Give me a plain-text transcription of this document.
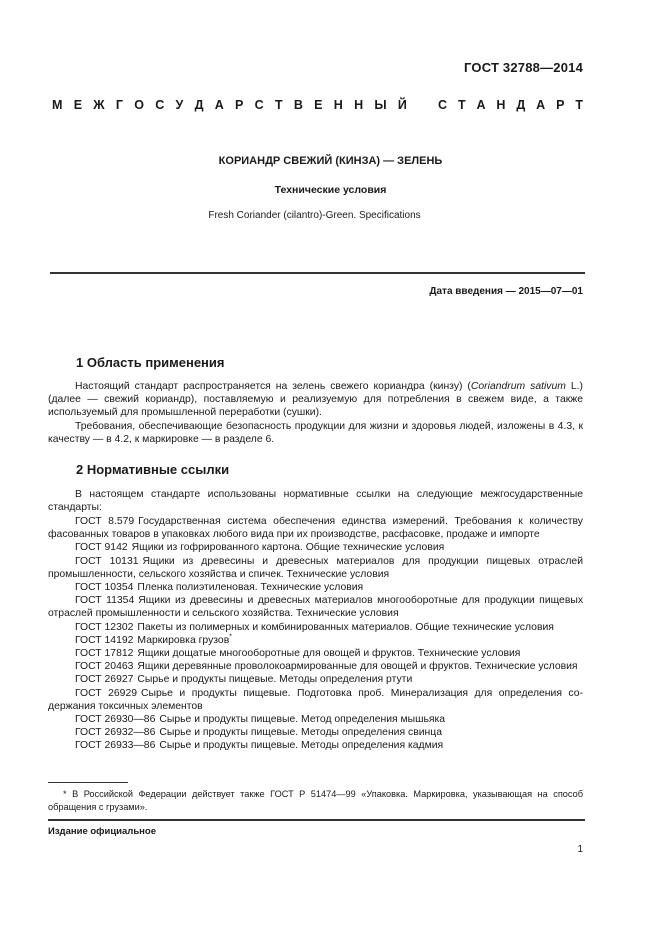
ГОСТ 32788—2014
М Е Ж Г О С У Д А Р С Т В Е Н Н Ы Й С Т А Н Д А Р Т
КОРИАНДР СВЕЖИЙ (КИНЗА) — ЗЕЛЕНЬ
Технические условия
Fresh Coriander (cilantro)-Green. Specifications
Дата введения — 2015—07—01
1 Область применения

Настоящий стандарт распространяется на зелень свежего кориандра (кинзу) (Coriandrum sativum L.) (далее — свежий кориандр), поставляемую и реализуемую для потребления в свежем виде, а также используемый для промышленной переработки (сушки).

Требования, обеспечивающие безопасность продукции для жизни и здоровья людей, изложены в 4.3, к качеству — в 4.2, к маркировке — в разделе 6.

2 Нормативные ссылки

В настоящем стандарте использованы нормативные ссылки на следующие межгосударственные стандарты:

ГОСТ 8.579 Государственная система обеспечения единства измерений. Требования к количеству фасованных товаров в упаковках любого вида при их производстве, расфасовке, продаже и импорте
ГОСТ 9142 Ящики из гофрированного картона. Общие технические условия
ГОСТ 10131 Ящики из древесины и древесных материалов для продукции пищевых отраслей промышленности, сельского хозяйства и спичек. Технические условия
ГОСТ 10354 Пленка полиэтиленовая. Технические условия
ГОСТ 11354 Ящики из древесины и древесных материалов многооборотные для продукции пищевых отраслей промышленности и сельского хозяйства. Технические условия
ГОСТ 12302 Пакеты из полимерных и комбинированных материалов. Общие технические условия
ГОСТ 14192 Маркировка грузов*
ГОСТ 17812 Ящики дощатые многооборотные для овощей и фруктов. Технические условия
ГОСТ 20463 Ящики деревянные проволокоармированные для овощей и фруктов. Технические условия
ГОСТ 26927 Сырье и продукты пищевые. Методы определения ртути
ГОСТ 26929 Сырье и продукты пищевые. Подготовка проб. Минерализация для определения содержания токсичных элементов
ГОСТ 26930—86 Сырье и продукты пищевые. Метод определения мышьяка
ГОСТ 26932—86 Сырье и продукты пищевые. Методы определения свинца
ГОСТ 26933—86 Сырье и продукты пищевые. Методы определения кадмия
* В Российской Федерации действует также ГОСТ Р 51474—99 «Упаковка. Маркировка, указывающая на способ обращения с грузами».
Издание официальное
1
